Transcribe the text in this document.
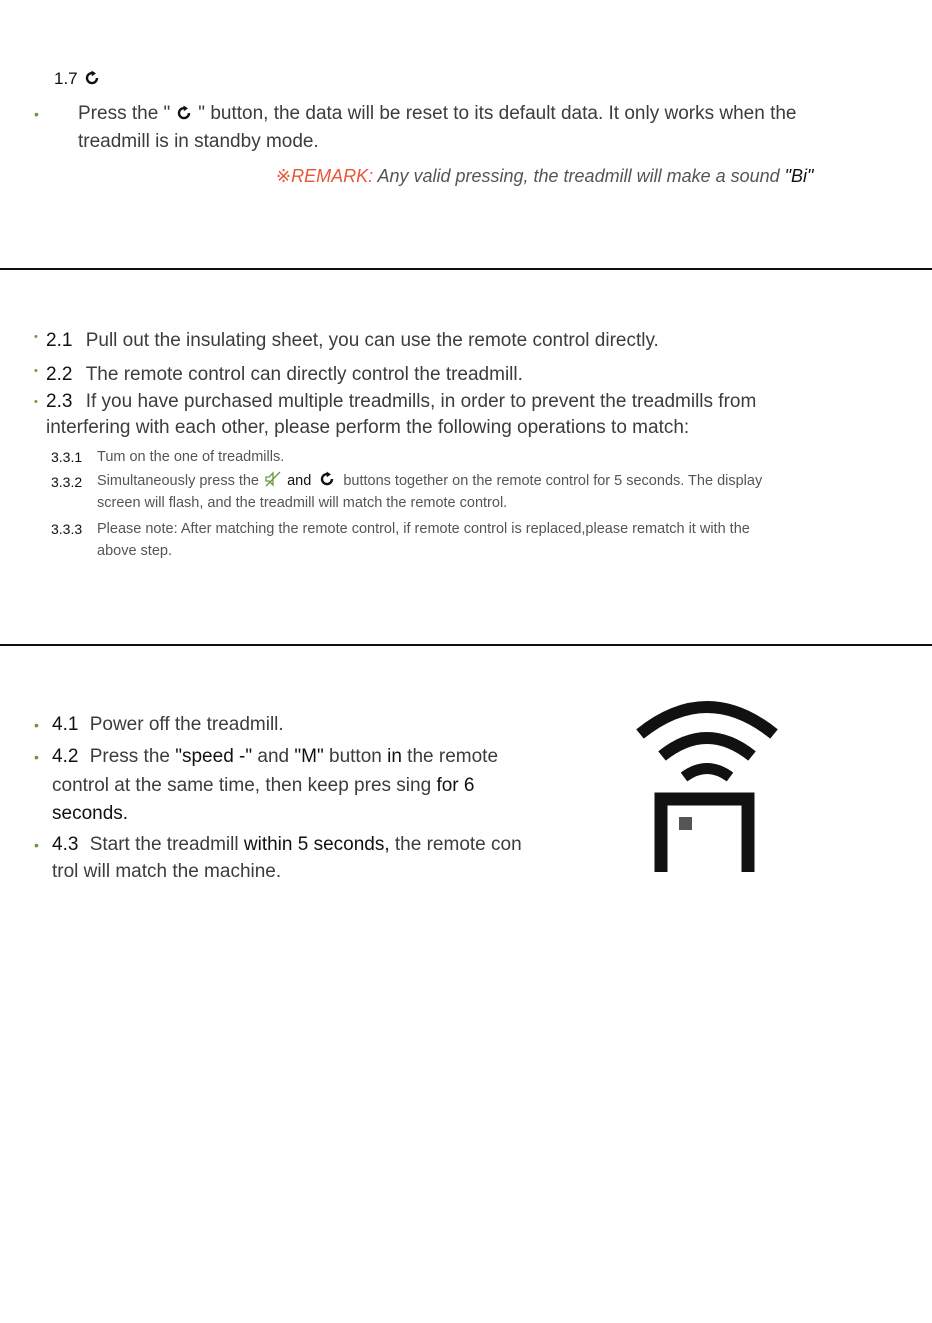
1.7
• Press the " " button, the data will be reset to its default data. It only works when the
treadmill is in standby mode.
※REMARK: Any valid pressing, the treadmill will make a sound "Bi"
• 2.1 Pull out the insulating sheet, you can use the remote control directly.
• 2.2 The remote control can directly control the treadmill.
• 2.3 If you have purchased multiple treadmills, in order to prevent the treadmills from
interfering with each other, please perform the following operations to match:
3.3.1 Tum on the one of treadmills.
3.3.2 Simultaneously press the and buttons together on the remote control for 5 seconds. The display
screen will flash, and the treadmill will match the remote control.
3.3.3 Please note: After matching the remote control, if remote control is replaced,please rematch it with the
above step.
• 4.1 Power off the treadmill.
• 4.2 Press the "speed -" and "M" button in the remote
control at the same time, then keep pres sing for 6
seconds.
• 4.3 Start the treadmill within 5 seconds, the remote con
trol will match the machine.
